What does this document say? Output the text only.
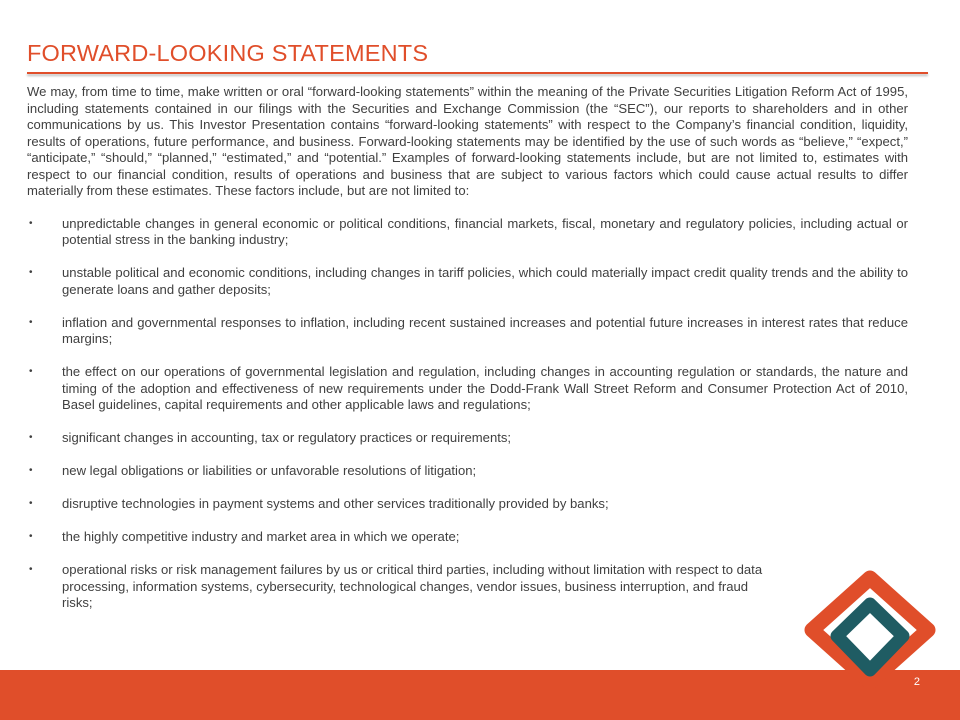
FORWARD-LOOKING STATEMENTS

We may, from time to time, make written or oral “forward-looking statements” within the meaning of the Private Securities Litigation Reform Act of 1995, including statements contained in our filings with the Securities and Exchange Commission (the “SEC”), our reports to shareholders and in other communications by us. This Investor Presentation contains “forward-looking statements” with respect to the Company’s financial condition, liquidity, results of operations, future performance, and business. Forward-looking statements may be identified by the use of such words as “believe,” “expect,” “anticipate,” “should,” “planned,” “estimated,” and “potential.” Examples of forward-looking statements include, but are not limited to, estimates with respect to our financial condition, results of operations and business that are subject to various factors which could cause actual results to differ materially from these estimates. These factors include, but are not limited to:

• unpredictable changes in general economic or political conditions, financial markets, fiscal, monetary and regulatory policies, including actual or potential stress in the banking industry;
• unstable political and economic conditions, including changes in tariff policies, which could materially impact credit quality trends and the ability to generate loans and gather deposits;
• inflation and governmental responses to inflation, including recent sustained increases and potential future increases in interest rates that reduce margins;
• the effect on our operations of governmental legislation and regulation, including changes in accounting regulation or standards, the nature and timing of the adoption and effectiveness of new requirements under the Dodd-Frank Wall Street Reform and Consumer Protection Act of 2010, Basel guidelines, capital requirements and other applicable laws and regulations;
• significant changes in accounting, tax or regulatory practices or requirements;
• new legal obligations or liabilities or unfavorable resolutions of litigation;
• disruptive technologies in payment systems and other services traditionally provided by banks;
• the highly competitive industry and market area in which we operate;
• operational risks or risk management failures by us or critical third parties, including without limitation with respect to data processing, information systems, cybersecurity, technological changes, vendor issues, business interruption, and fraud risks;
2
